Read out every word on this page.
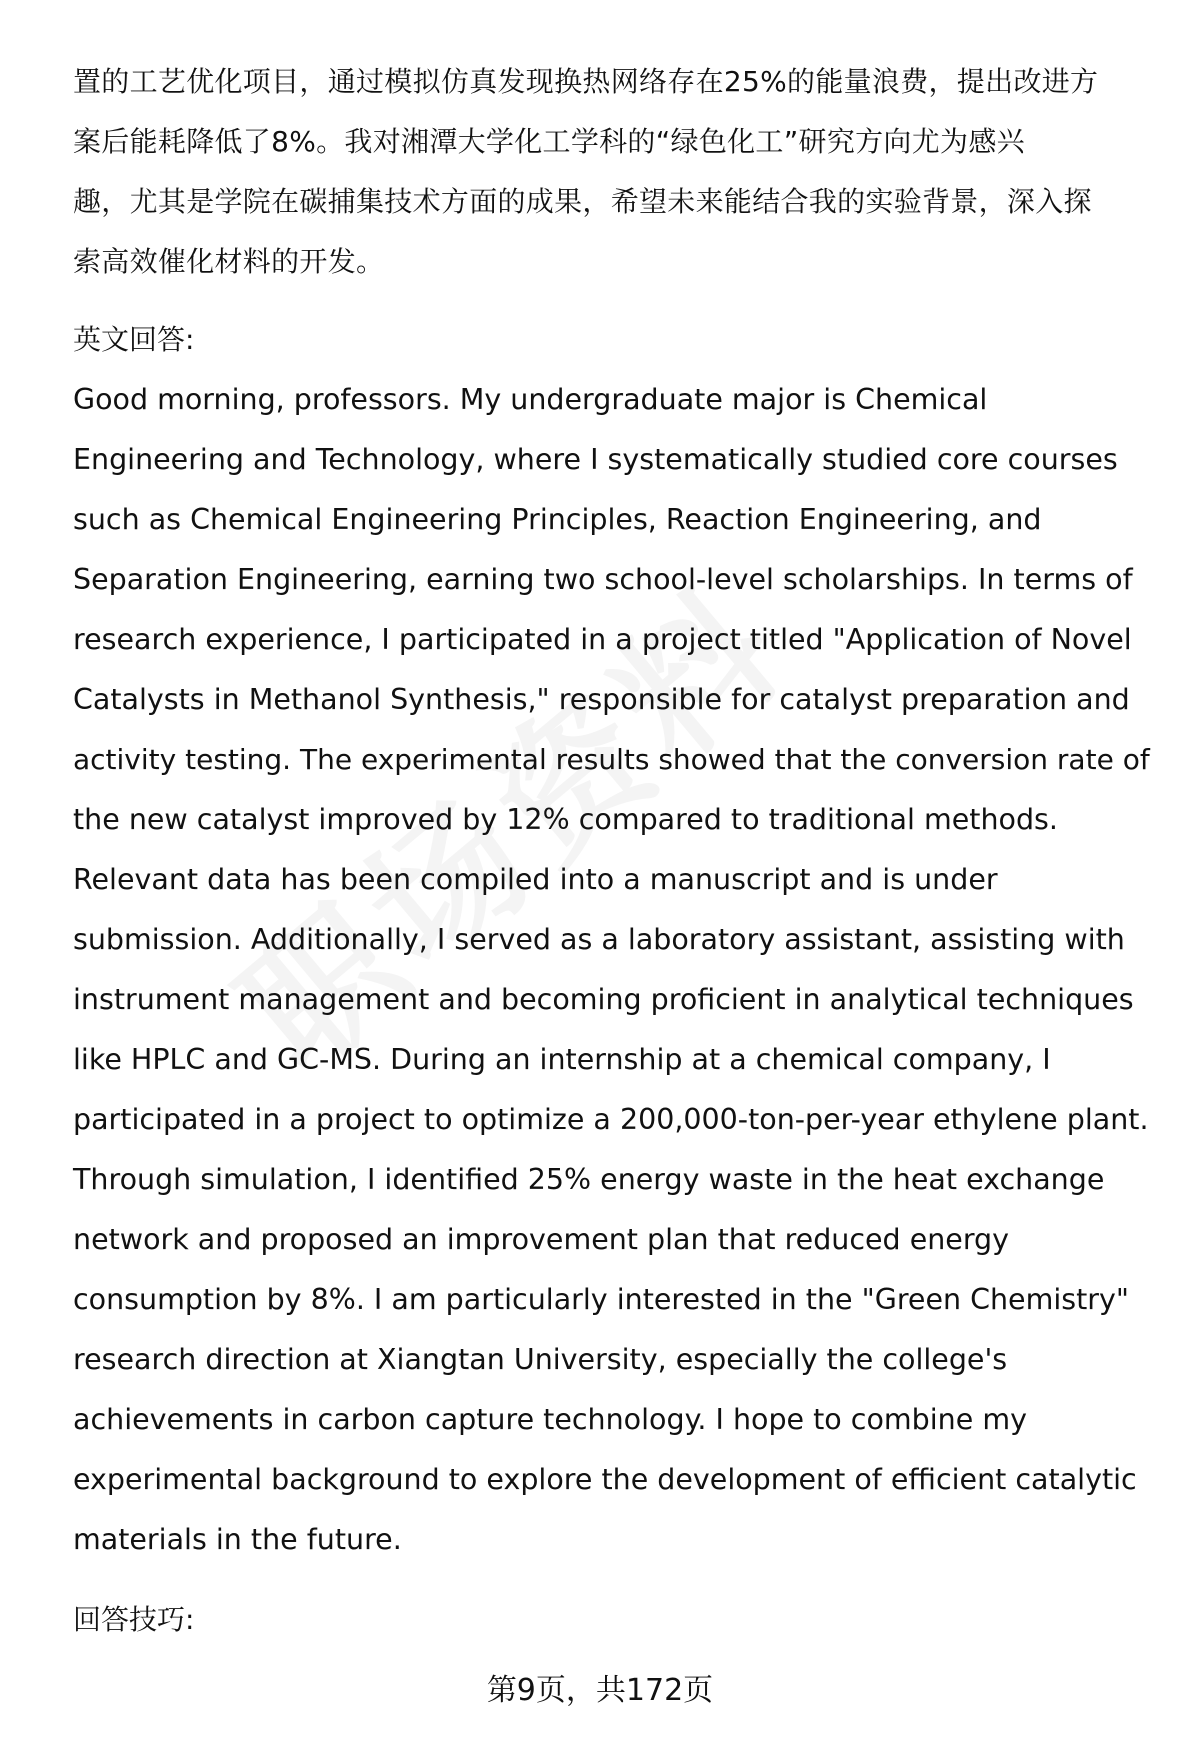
置的工艺优化项目，通过模拟仿真发现换热网络存在25%的能量浪费，提出改进方
案后能耗降低了8%。我对湘潭大学化工学科的“绿色化工”研究方向尤为感兴
趣，尤其是学院在碳捕集技术方面的成果，希望未来能结合我的实验背景，深入探
索高效催化材料的开发。
英文回答:
Good morning, professors. My undergraduate major is Chemical
Engineering and Technology, where I systematically studied core courses
such as Chemical Engineering Principles, Reaction Engineering, and
Separation Engineering, earning two school-level scholarships. In terms of
research experience, I participated in a project titled "Application of Novel
Catalysts in Methanol Synthesis," responsible for catalyst preparation and
activity testing. The experimental results showed that the conversion rate of
the new catalyst improved by 12% compared to traditional methods.
Relevant data has been compiled into a manuscript and is under
submission. Additionally, I served as a laboratory assistant, assisting with
instrument management and becoming proficient in analytical techniques
like HPLC and GC-MS. During an internship at a chemical company, I
participated in a project to optimize a 200,000-ton-per-year ethylene plant.
Through simulation, I identified 25% energy waste in the heat exchange
network and proposed an improvement plan that reduced energy
consumption by 8%. I am particularly interested in the "Green Chemistry"
research direction at Xiangtan University, especially the college's
achievements in carbon capture technology. I hope to combine my
experimental background to explore the development of efficient catalytic
materials in the future.
回答技巧:
第9页，共172页
